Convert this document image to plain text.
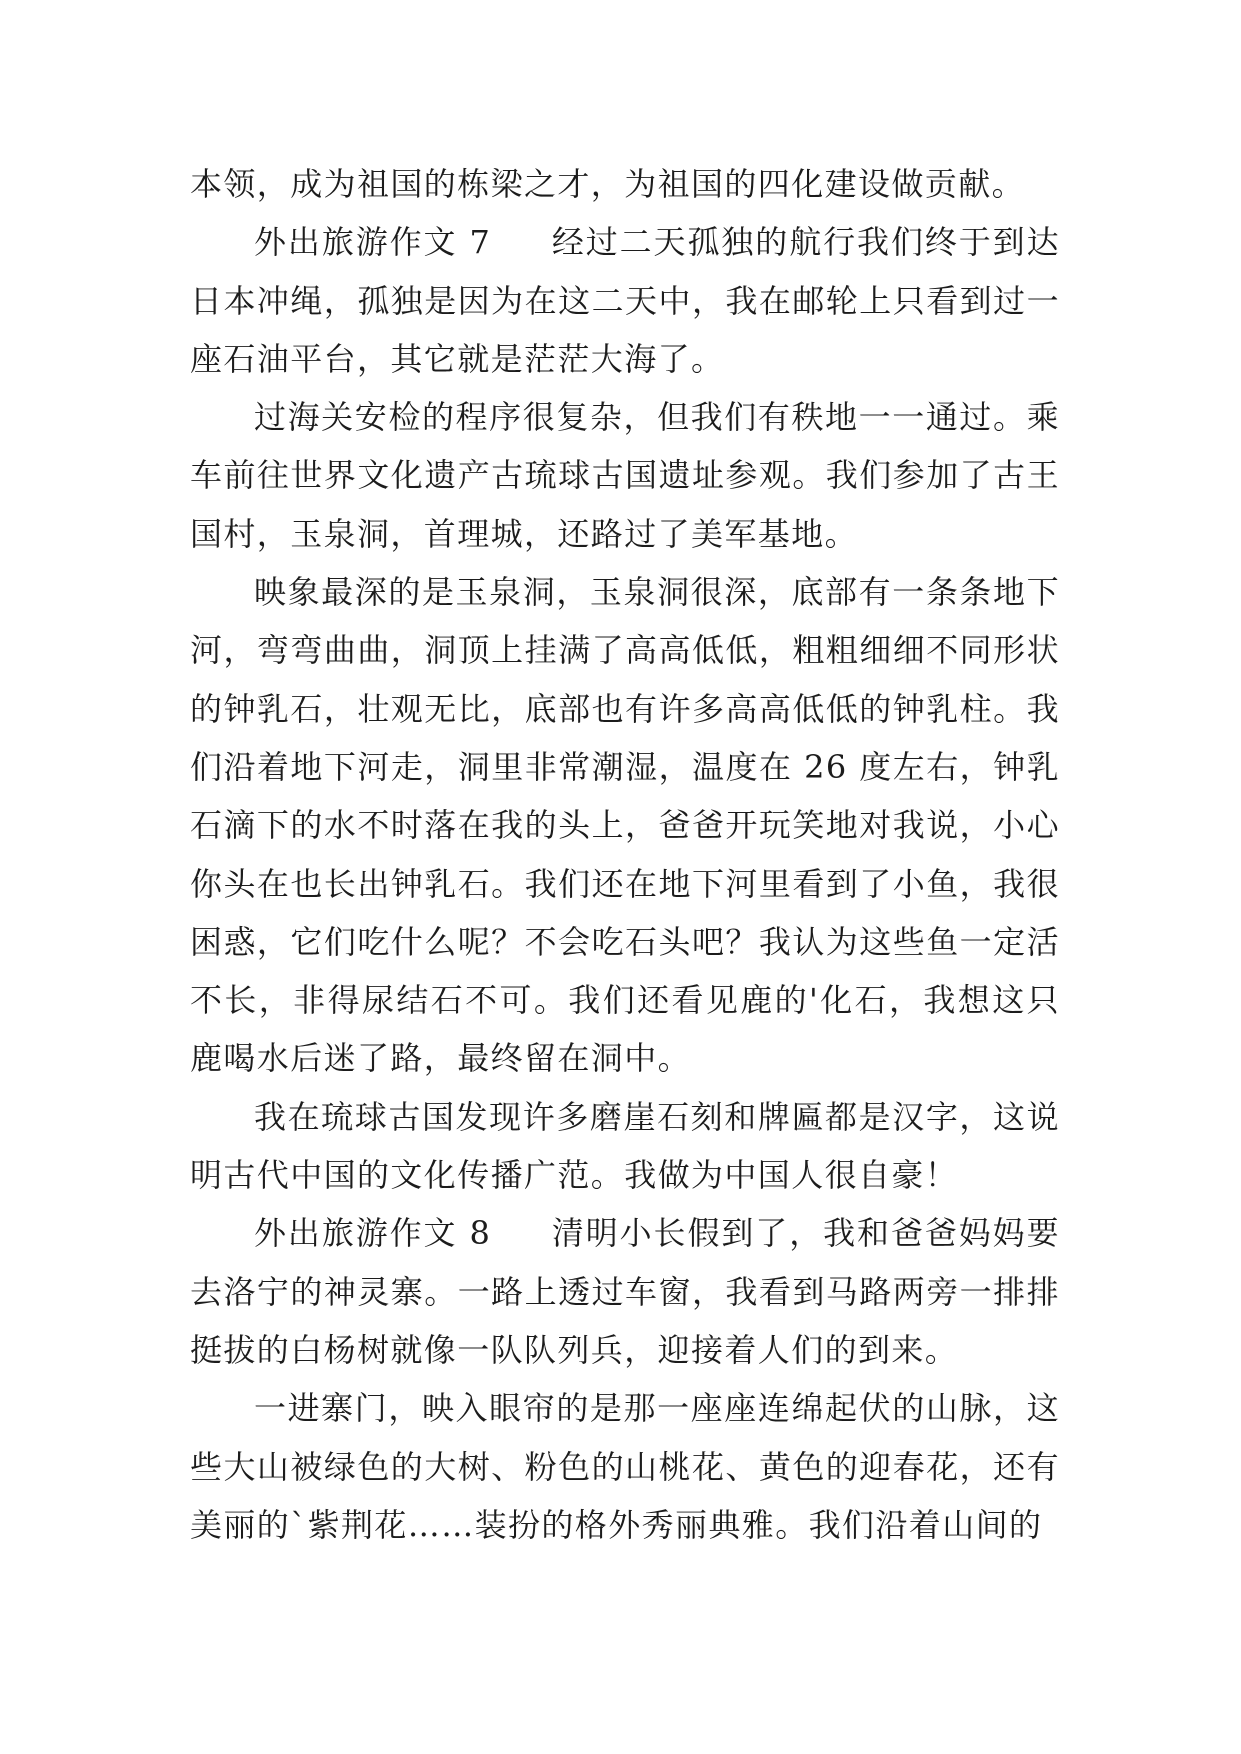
本领，成为祖国的栋梁之才，为祖国的四化建设做贡献。

外出旅游作文 7 经过二天孤独的航行我们终于到达日本冲绳，孤独是因为在这二天中，我在邮轮上只看到过一座石油平台，其它就是茫茫大海了。

过海关安检的程序很复杂，但我们有秩地一一通过。乘车前往世界文化遗产古琉球古国遗址参观。我们参加了古王国村，玉泉洞，首理城，还路过了美军基地。

映象最深的是玉泉洞，玉泉洞很深，底部有一条条地下河，弯弯曲曲，洞顶上挂满了高高低低，粗粗细细不同形状的钟乳石，壮观无比，底部也有许多高高低低的钟乳柱。我们沿着地下河走，洞里非常潮湿，温度在 26 度左右，钟乳石滴下的水不时落在我的头上，爸爸开玩笑地对我说，小心你头在也长出钟乳石。我们还在地下河里看到了小鱼，我很困惑，它们吃什么呢？不会吃石头吧？我认为这些鱼一定活不长，非得尿结石不可。我们还看见鹿的'化石，我想这只鹿喝水后迷了路，最终留在洞中。

我在琉球古国发现许多磨崖石刻和牌匾都是汉字，这说明古代中国的文化传播广范。我做为中国人很自豪！

外出旅游作文 8 清明小长假到了，我和爸爸妈妈要去洛宁的神灵寨。一路上透过车窗，我看到马路两旁一排排挺拔的白杨树就像一队队列兵，迎接着人们的到来。

一进寨门，映入眼帘的是那一座座连绵起伏的山脉，这些大山被绿色的大树、粉色的山桃花、黄色的迎春花，还有美丽的`紫荆花……装扮的格外秀丽典雅。我们沿着山间的
